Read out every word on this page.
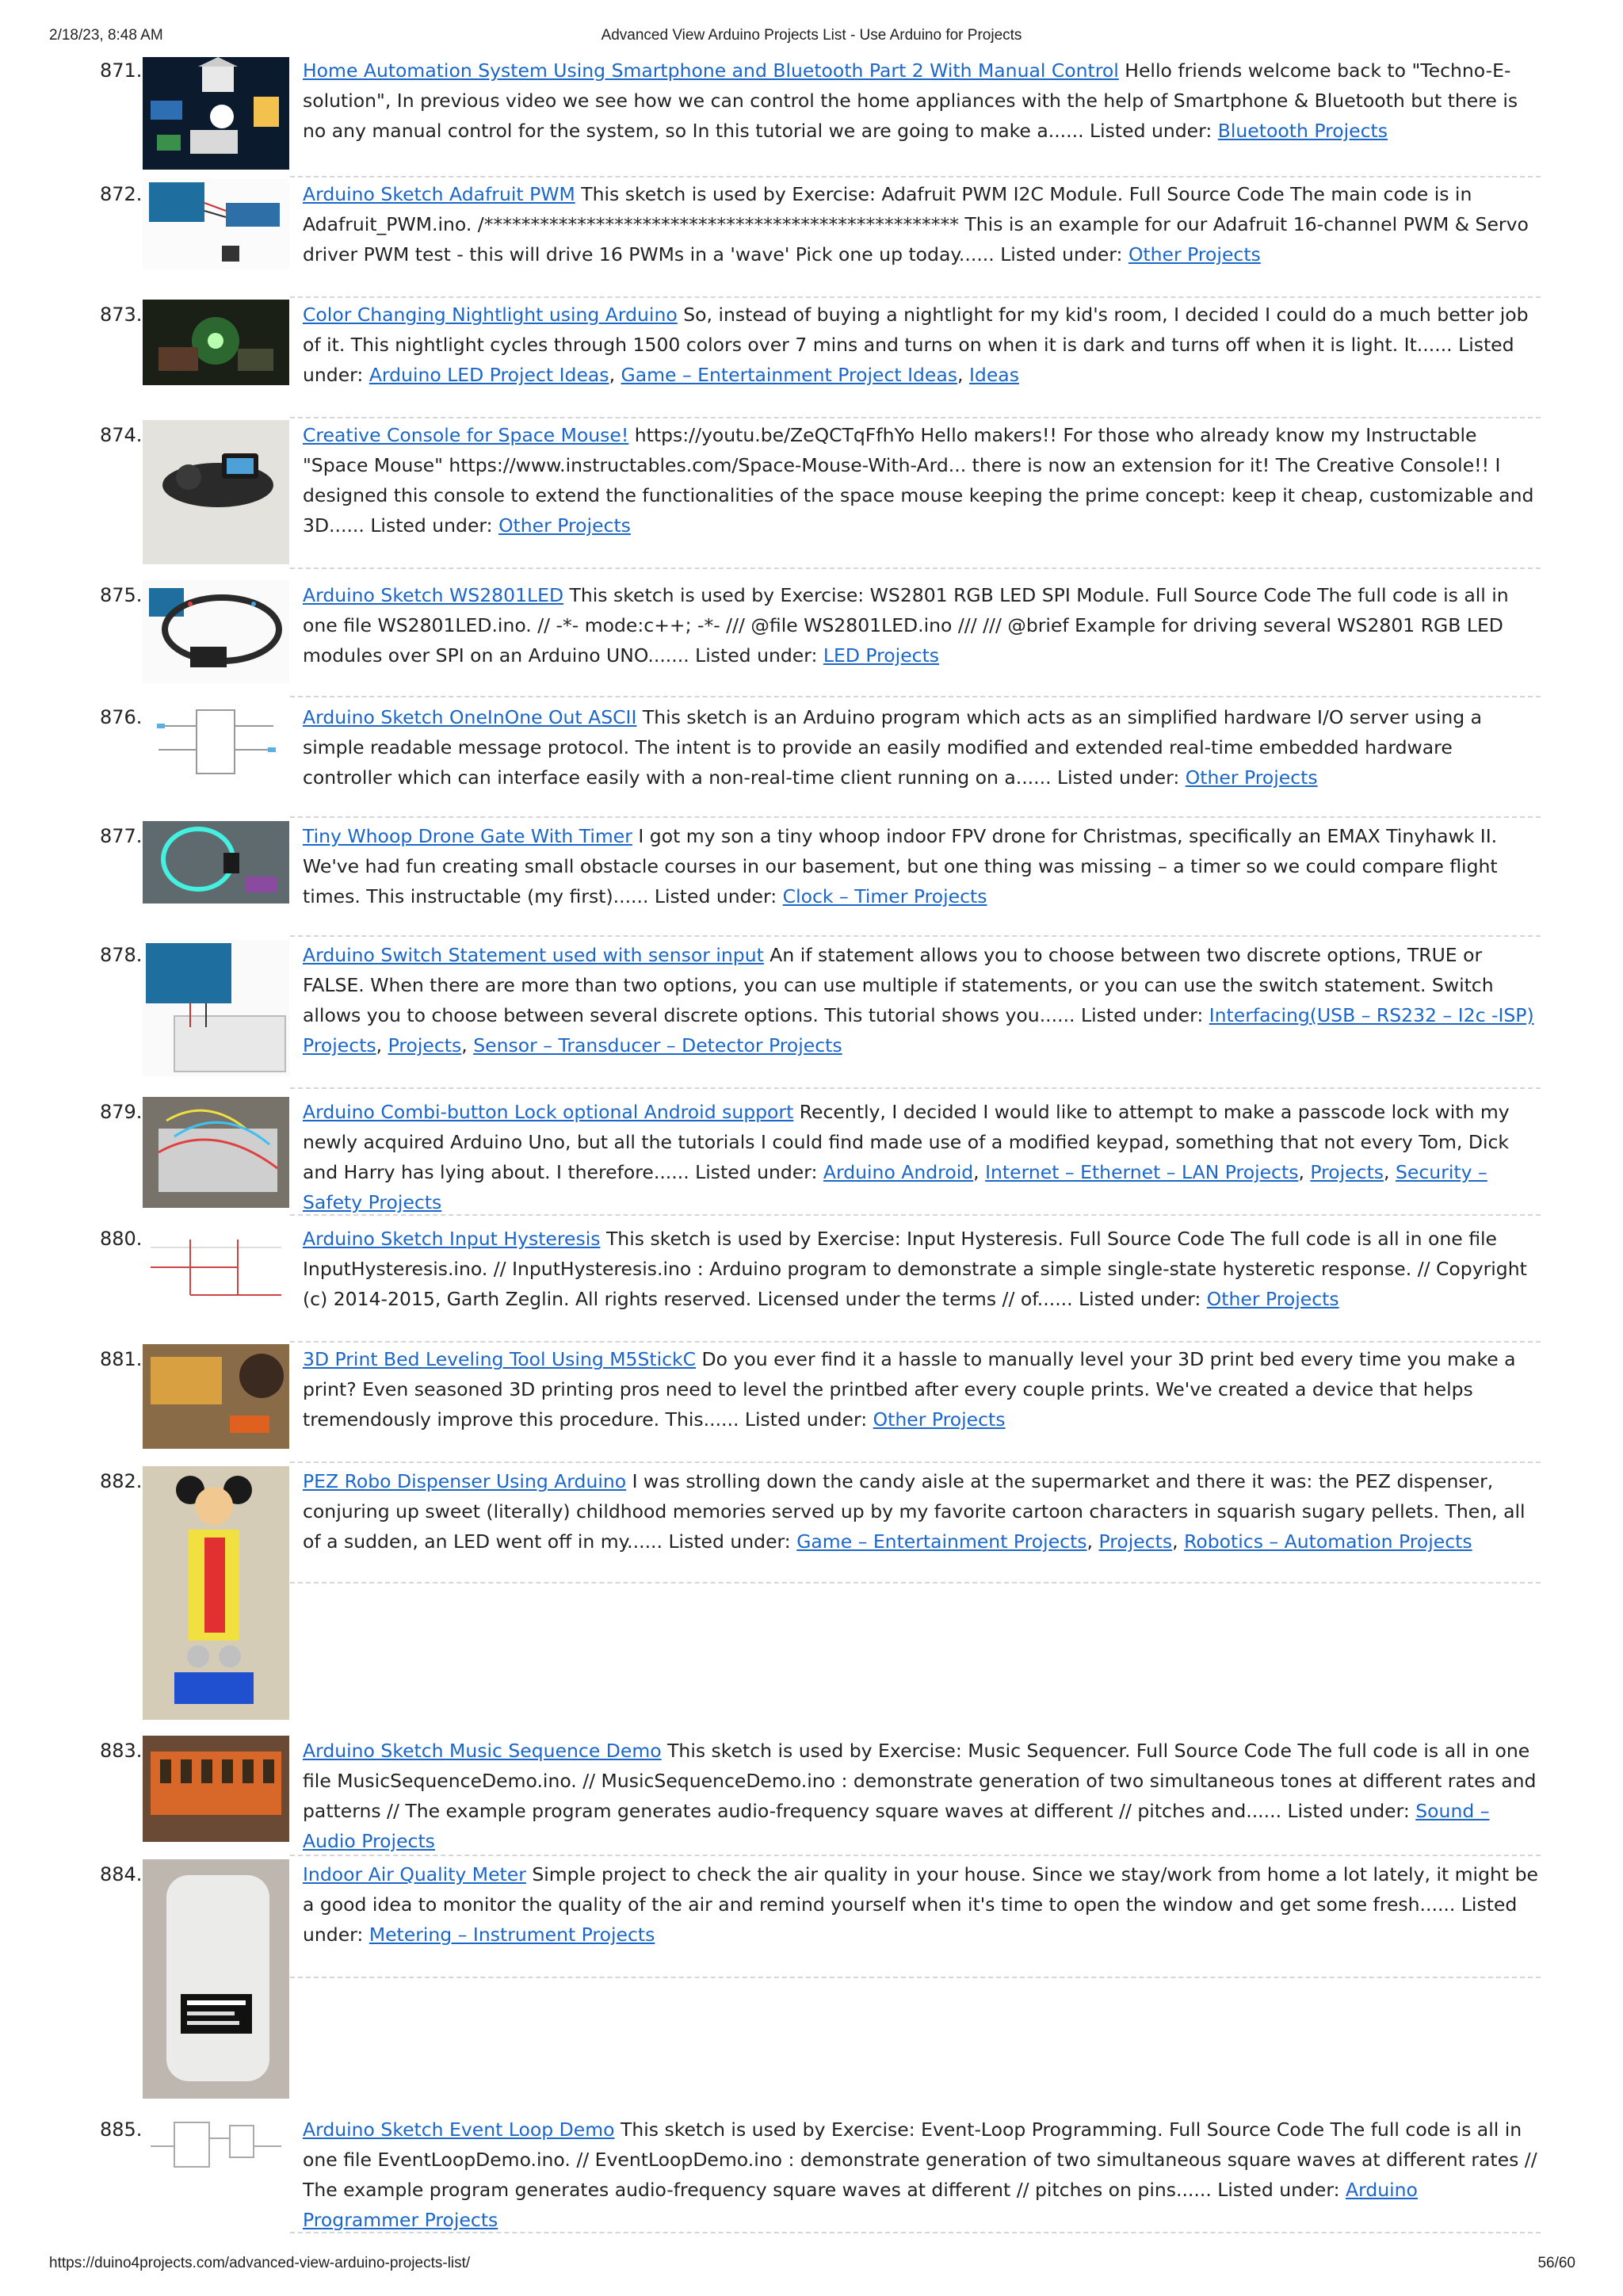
2/18/23, 8:48 AM	Advanced View Arduino Projects List - Use Arduino for Projects
871.	Home Automation System Using Smartphone and Bluetooth Part 2 With Manual Control Hello friends welcome back to "Techno-E-solution", In previous video we see how we can control the home appliances with the help of Smartphone & Bluetooth but there is no any manual control for the system, so In this tutorial we are going to make a...... Listed under: Bluetooth Projects
872.	Arduino Sketch Adafruit PWM This sketch is used by Exercise: Adafruit PWM I2C Module. Full Source Code The main code is in Adafruit_PWM.ino. /*************************************************** This is an example for our Adafruit 16-channel PWM & Servo driver PWM test - this will drive 16 PWMs in a 'wave' Pick one up today...... Listed under: Other Projects
873.	Color Changing Nightlight using Arduino So, instead of buying a nightlight for my kid's room, I decided I could do a much better job of it. This nightlight cycles through 1500 colors over 7 mins and turns on when it is dark and turns off when it is light. It...... Listed under: Arduino LED Project Ideas, Game – Entertainment Project Ideas, Ideas
874.	Creative Console for Space Mouse! https://youtu.be/ZeQCTqFfhYo Hello makers!! For those who already know my Instructable "Space Mouse" https://www.instructables.com/Space-Mouse-With-Ard... there is now an extension for it! The Creative Console!! I designed this console to extend the functionalities of the space mouse keeping the prime concept: keep it cheap, customizable and 3D...... Listed under: Other Projects
875.	Arduino Sketch WS2801LED This sketch is used by Exercise: WS2801 RGB LED SPI Module. Full Source Code The full code is all in one file WS2801LED.ino. // -*- mode:c++; -*- /// @file WS2801LED.ino /// /// @brief Example for driving several WS2801 RGB LED modules over SPI on an Arduino UNO....... Listed under: LED Projects
876.	Arduino Sketch OneInOne Out ASCII This sketch is an Arduino program which acts as an simplified hardware I/O server using a simple readable message protocol. The intent is to provide an easily modified and extended real-time embedded hardware controller which can interface easily with a non-real-time client running on a...... Listed under: Other Projects
877.	Tiny Whoop Drone Gate With Timer I got my son a tiny whoop indoor FPV drone for Christmas, specifically an EMAX Tinyhawk II. We've had fun creating small obstacle courses in our basement, but one thing was missing – a timer so we could compare flight times. This instructable (my first)...... Listed under: Clock – Timer Projects
878.	Arduino Switch Statement used with sensor input An if statement allows you to choose between two discrete options, TRUE or FALSE. When there are more than two options, you can use multiple if statements, or you can use the switch statement. Switch allows you to choose between several discrete options. This tutorial shows you...... Listed under: Interfacing(USB – RS232 – I2c -ISP) Projects, Projects, Sensor – Transducer – Detector Projects
879.	Arduino Combi-button Lock optional Android support Recently, I decided I would like to attempt to make a passcode lock with my newly acquired Arduino Uno, but all the tutorials I could find made use of a modified keypad, something that not every Tom, Dick and Harry has lying about. I therefore...... Listed under: Arduino Android, Internet – Ethernet – LAN Projects, Projects, Security – Safety Projects
880.	Arduino Sketch Input Hysteresis This sketch is used by Exercise: Input Hysteresis. Full Source Code The full code is all in one file InputHysteresis.ino. // InputHysteresis.ino : Arduino program to demonstrate a simple single-state hysteretic response. // Copyright (c) 2014-2015, Garth Zeglin. All rights reserved. Licensed under the terms // of...... Listed under: Other Projects
881.	3D Print Bed Leveling Tool Using M5StickC Do you ever find it a hassle to manually level your 3D print bed every time you make a print? Even seasoned 3D printing pros need to level the printbed after every couple prints. We've created a device that helps tremendously improve this procedure. This...... Listed under: Other Projects
882.	PEZ Robo Dispenser Using Arduino I was strolling down the candy aisle at the supermarket and there it was: the PEZ dispenser, conjuring up sweet (literally) childhood memories served up by my favorite cartoon characters in squarish sugary pellets. Then, all of a sudden, an LED went off in my...... Listed under: Game – Entertainment Projects, Projects, Robotics – Automation Projects
883.	Arduino Sketch Music Sequence Demo This sketch is used by Exercise: Music Sequencer. Full Source Code The full code is all in one file MusicSequenceDemo.ino. // MusicSequenceDemo.ino : demonstrate generation of two simultaneous tones at different rates and patterns // The example program generates audio-frequency square waves at different // pitches and...... Listed under: Sound – Audio Projects
884.	Indoor Air Quality Meter Simple project to check the air quality in your house. Since we stay/work from home a lot lately, it might be a good idea to monitor the quality of the air and remind yourself when it's time to open the window and get some fresh...... Listed under: Metering – Instrument Projects
885.	Arduino Sketch Event Loop Demo This sketch is used by Exercise: Event-Loop Programming. Full Source Code The full code is all in one file EventLoopDemo.ino. // EventLoopDemo.ino : demonstrate generation of two simultaneous square waves at different rates // The example program generates audio-frequency square waves at different // pitches on pins...... Listed under: Arduino Programmer Projects
https://duino4projects.com/advanced-view-arduino-projects-list/	56/60
